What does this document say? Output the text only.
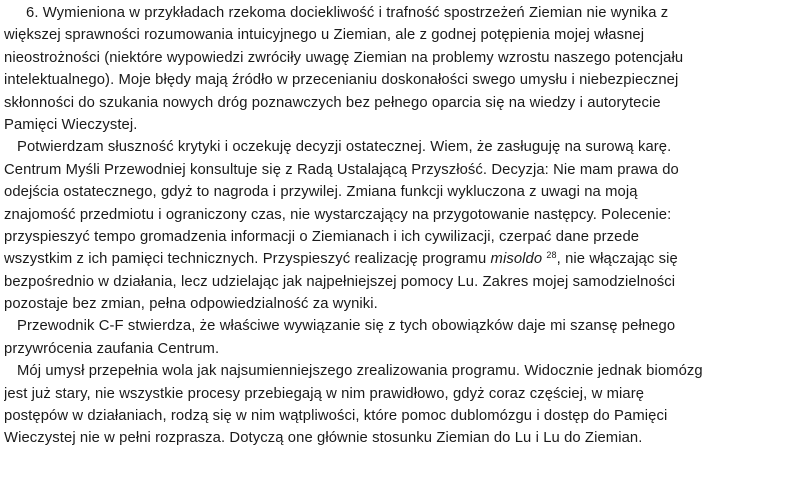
6. Wymieniona w przykładach rzekoma dociekliwość i trafność spostrzeżeń Ziemian nie wynika z
większej sprawności rozumowania intuicyjnego u Ziemian, ale z godnej potępienia mojej własnej
nieostrożności (niektóre wypowiedzi zwróciły uwagę Ziemian na problemy wzrostu naszego potencjału
intelektualnego). Moje błędy mają źródło w przecenianiu doskonałości swego umysłu i niebezpiecznej
skłonności do szukania nowych dróg poznawczych bez pełnego oparcia się na wiedzy i autorytecie
Pamięci Wieczystej.
Potwierdzam słuszność krytyki i oczekuję decyzji ostatecznej. Wiem, że zasługuję na surową karę.
Centrum Myśli Przewodniej konsultuje się z Radą Ustalającą Przyszłość. Decyzja: Nie mam prawa do
odejścia ostatecznego, gdyż to nagroda i przywilej. Zmiana funkcji wykluczona z uwagi na moją
znajomość przedmiotu i ograniczony czas, nie wystarczający na przygotowanie następcy. Polecenie:
przyspieszyć tempo gromadzenia informacji o Ziemianach i ich cywilizacji, czerpać dane przede
wszystkim z ich pamięci technicznych. Przyspieszyć realizację programu misoldo $^{28}$, nie włączając się
bezpośrednio w działania, lecz udzielając jak najpełniejszej pomocy Lu. Zakres mojej samodzielności
pozostaje bez zmian, pełna odpowiedzialność za wyniki.
Przewodnik C-F stwierdza, że właściwe wywiązanie się z tych obowiązków daje mi szansę pełnego
przywrócenia zaufania Centrum.
Mój umysł przepełnia wola jak najsumienniejszego zrealizowania programu. Widocznie jednak biomózg
jest już stary, nie wszystkie procesy przebiegają w nim prawidłowo, gdyż coraz częściej, w miarę
postępów w działaniach, rodzą się w nim wątpliwości, które pomoc dublomózgu i dostęp do Pamięci
Wieczystej nie w pełni rozprasza. Dotyczą one głównie stosunku Ziemian do Lu i Lu do Ziemian.
